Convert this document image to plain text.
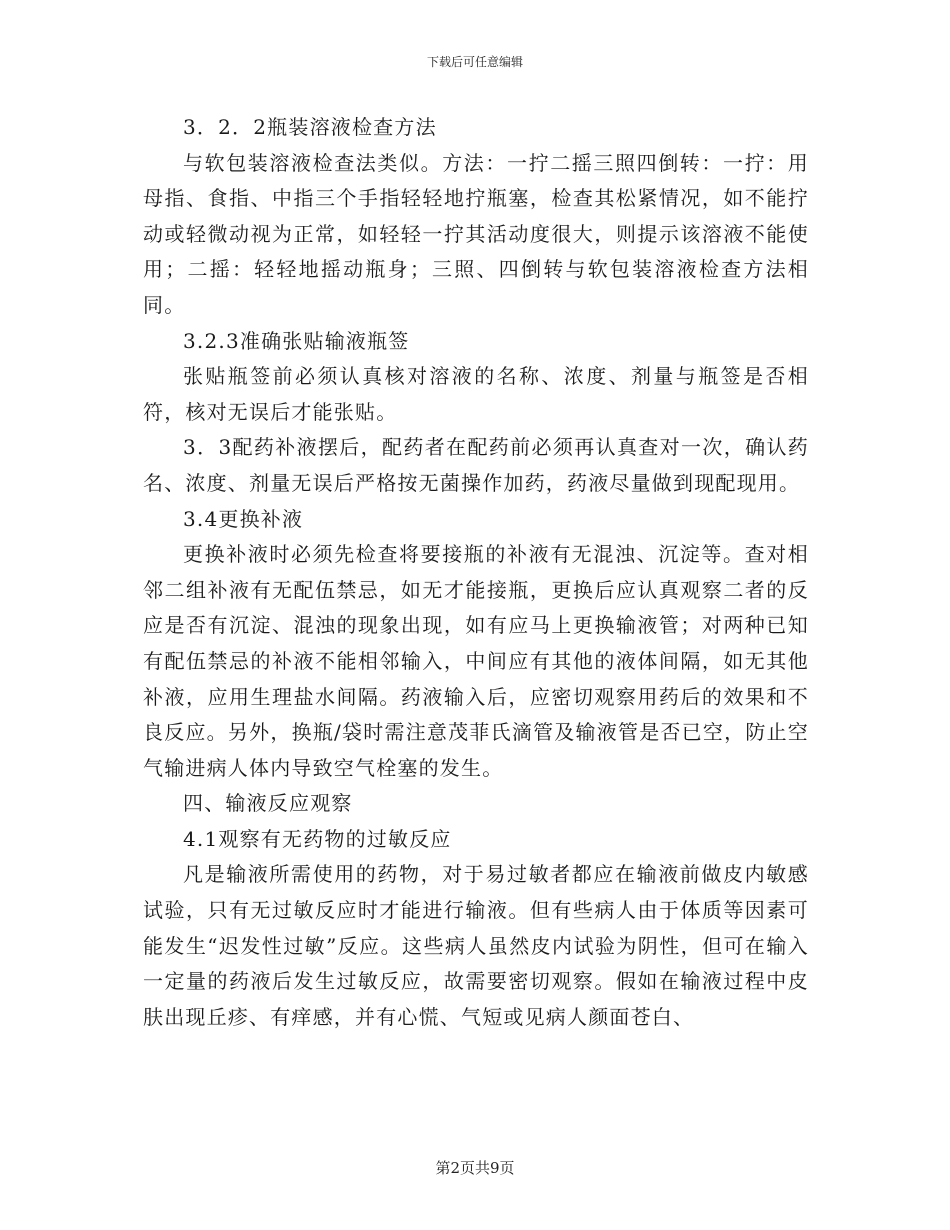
下载后可任意编辑

3．2．2瓶装溶液检查方法

与软包装溶液检查法类似。方法：一拧二摇三照四倒转：一拧：用母指、食指、中指三个手指轻轻地拧瓶塞，检查其松紧情况，如不能拧动或轻微动视为正常，如轻轻一拧其活动度很大，则提示该溶液不能使用；二摇：轻轻地摇动瓶身；三照、四倒转与软包装溶液检查方法相同。

3.2.3准确张贴输液瓶签

张贴瓶签前必须认真核对溶液的名称、浓度、剂量与瓶签是否相符，核对无误后才能张贴。

3．3配药补液摆后，配药者在配药前必须再认真查对一次，确认药名、浓度、剂量无误后严格按无菌操作加药，药液尽量做到现配现用。

3.4更换补液

更换补液时必须先检查将要接瓶的补液有无混浊、沉淀等。查对相邻二组补液有无配伍禁忌，如无才能接瓶，更换后应认真观察二者的反应是否有沉淀、混浊的现象出现，如有应马上更换输液管；对两种已知有配伍禁忌的补液不能相邻输入，中间应有其他的液体间隔，如无其他补液，应用生理盐水间隔。药液输入后，应密切观察用药后的效果和不良反应。另外，换瓶/袋时需注意茂菲氏滴管及输液管是否已空，防止空气输进病人体内导致空气栓塞的发生。

四、输液反应观察

4.1观察有无药物的过敏反应

凡是输液所需使用的药物，对于易过敏者都应在输液前做皮内敏感试验，只有无过敏反应时才能进行输液。但有些病人由于体质等因素可能发生“迟发性过敏”反应。这些病人虽然皮内试验为阴性，但可在输入一定量的药液后发生过敏反应，故需要密切观察。假如在输液过程中皮肤出现丘疹、有痒感，并有心慌、气短或见病人颜面苍白、

第2页共9页
